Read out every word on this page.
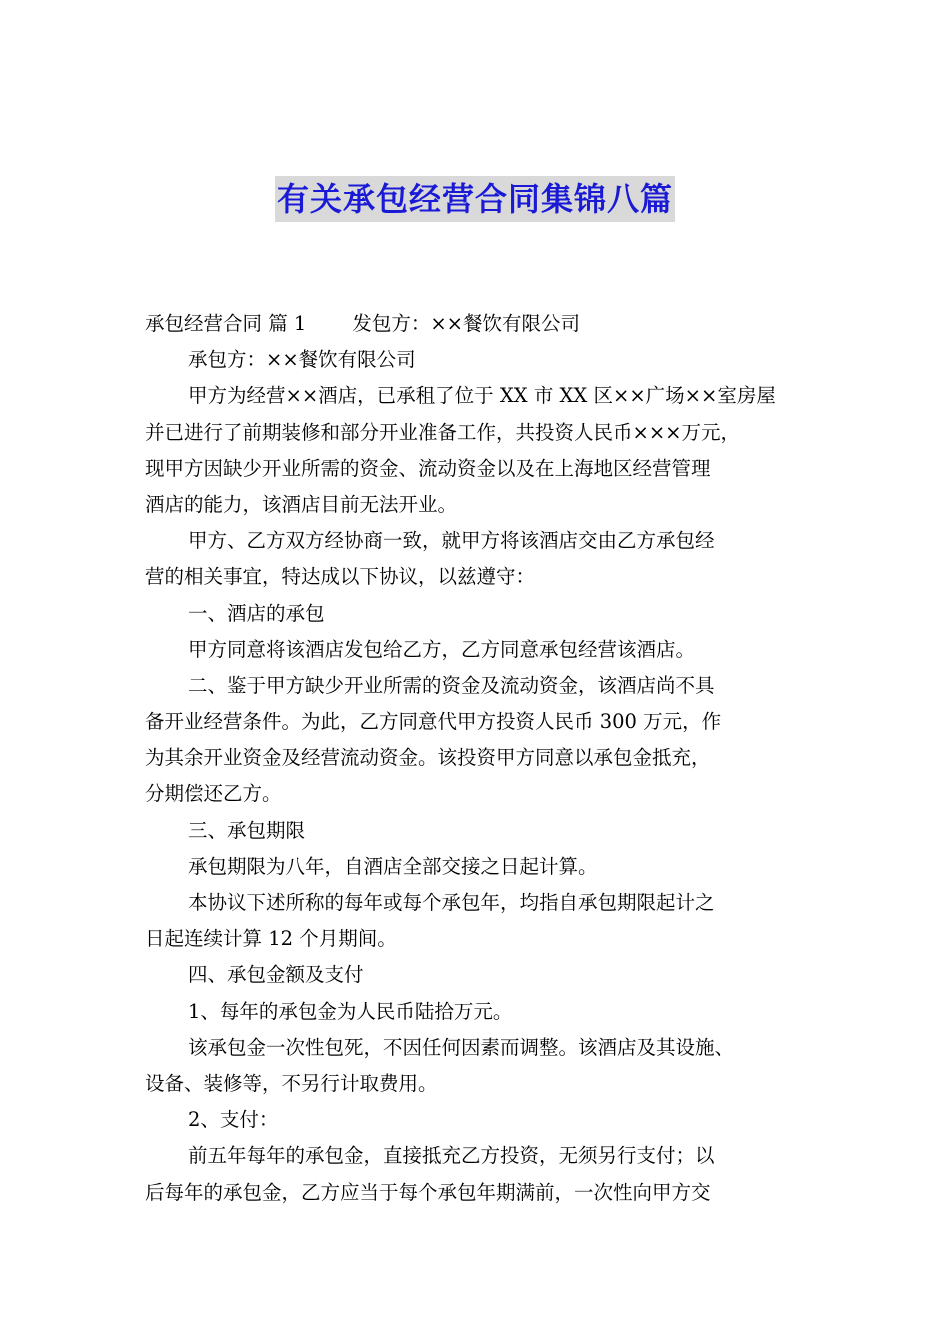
有关承包经营合同集锦八篇
承包经营合同 篇 1 发包方：××餐饮有限公司
承包方：××餐饮有限公司
甲方为经营××酒店，已承租了位于 XX 市 XX 区××广场××室房屋
并已进行了前期装修和部分开业准备工作，共投资人民币×××万元，
现甲方因缺少开业所需的资金、流动资金以及在上海地区经营管理
酒店的能力，该酒店目前无法开业。
甲方、乙方双方经协商一致，就甲方将该酒店交由乙方承包经
营的相关事宜，特达成以下协议，以兹遵守：
一、酒店的承包
甲方同意将该酒店发包给乙方，乙方同意承包经营该酒店。
二、鉴于甲方缺少开业所需的资金及流动资金，该酒店尚不具
备开业经营条件。为此，乙方同意代甲方投资人民币 300 万元，作
为其余开业资金及经营流动资金。该投资甲方同意以承包金抵充，
分期偿还乙方。
三、承包期限
承包期限为八年，自酒店全部交接之日起计算。
本协议下述所称的每年或每个承包年，均指自承包期限起计之
日起连续计算 12 个月期间。
四、承包金额及支付
1、每年的承包金为人民币陆拾万元。
该承包金一次性包死，不因任何因素而调整。该酒店及其设施、
设备、装修等，不另行计取费用。
2、支付：
前五年每年的承包金，直接抵充乙方投资，无须另行支付；以
后每年的承包金，乙方应当于每个承包年期满前，一次性向甲方交
